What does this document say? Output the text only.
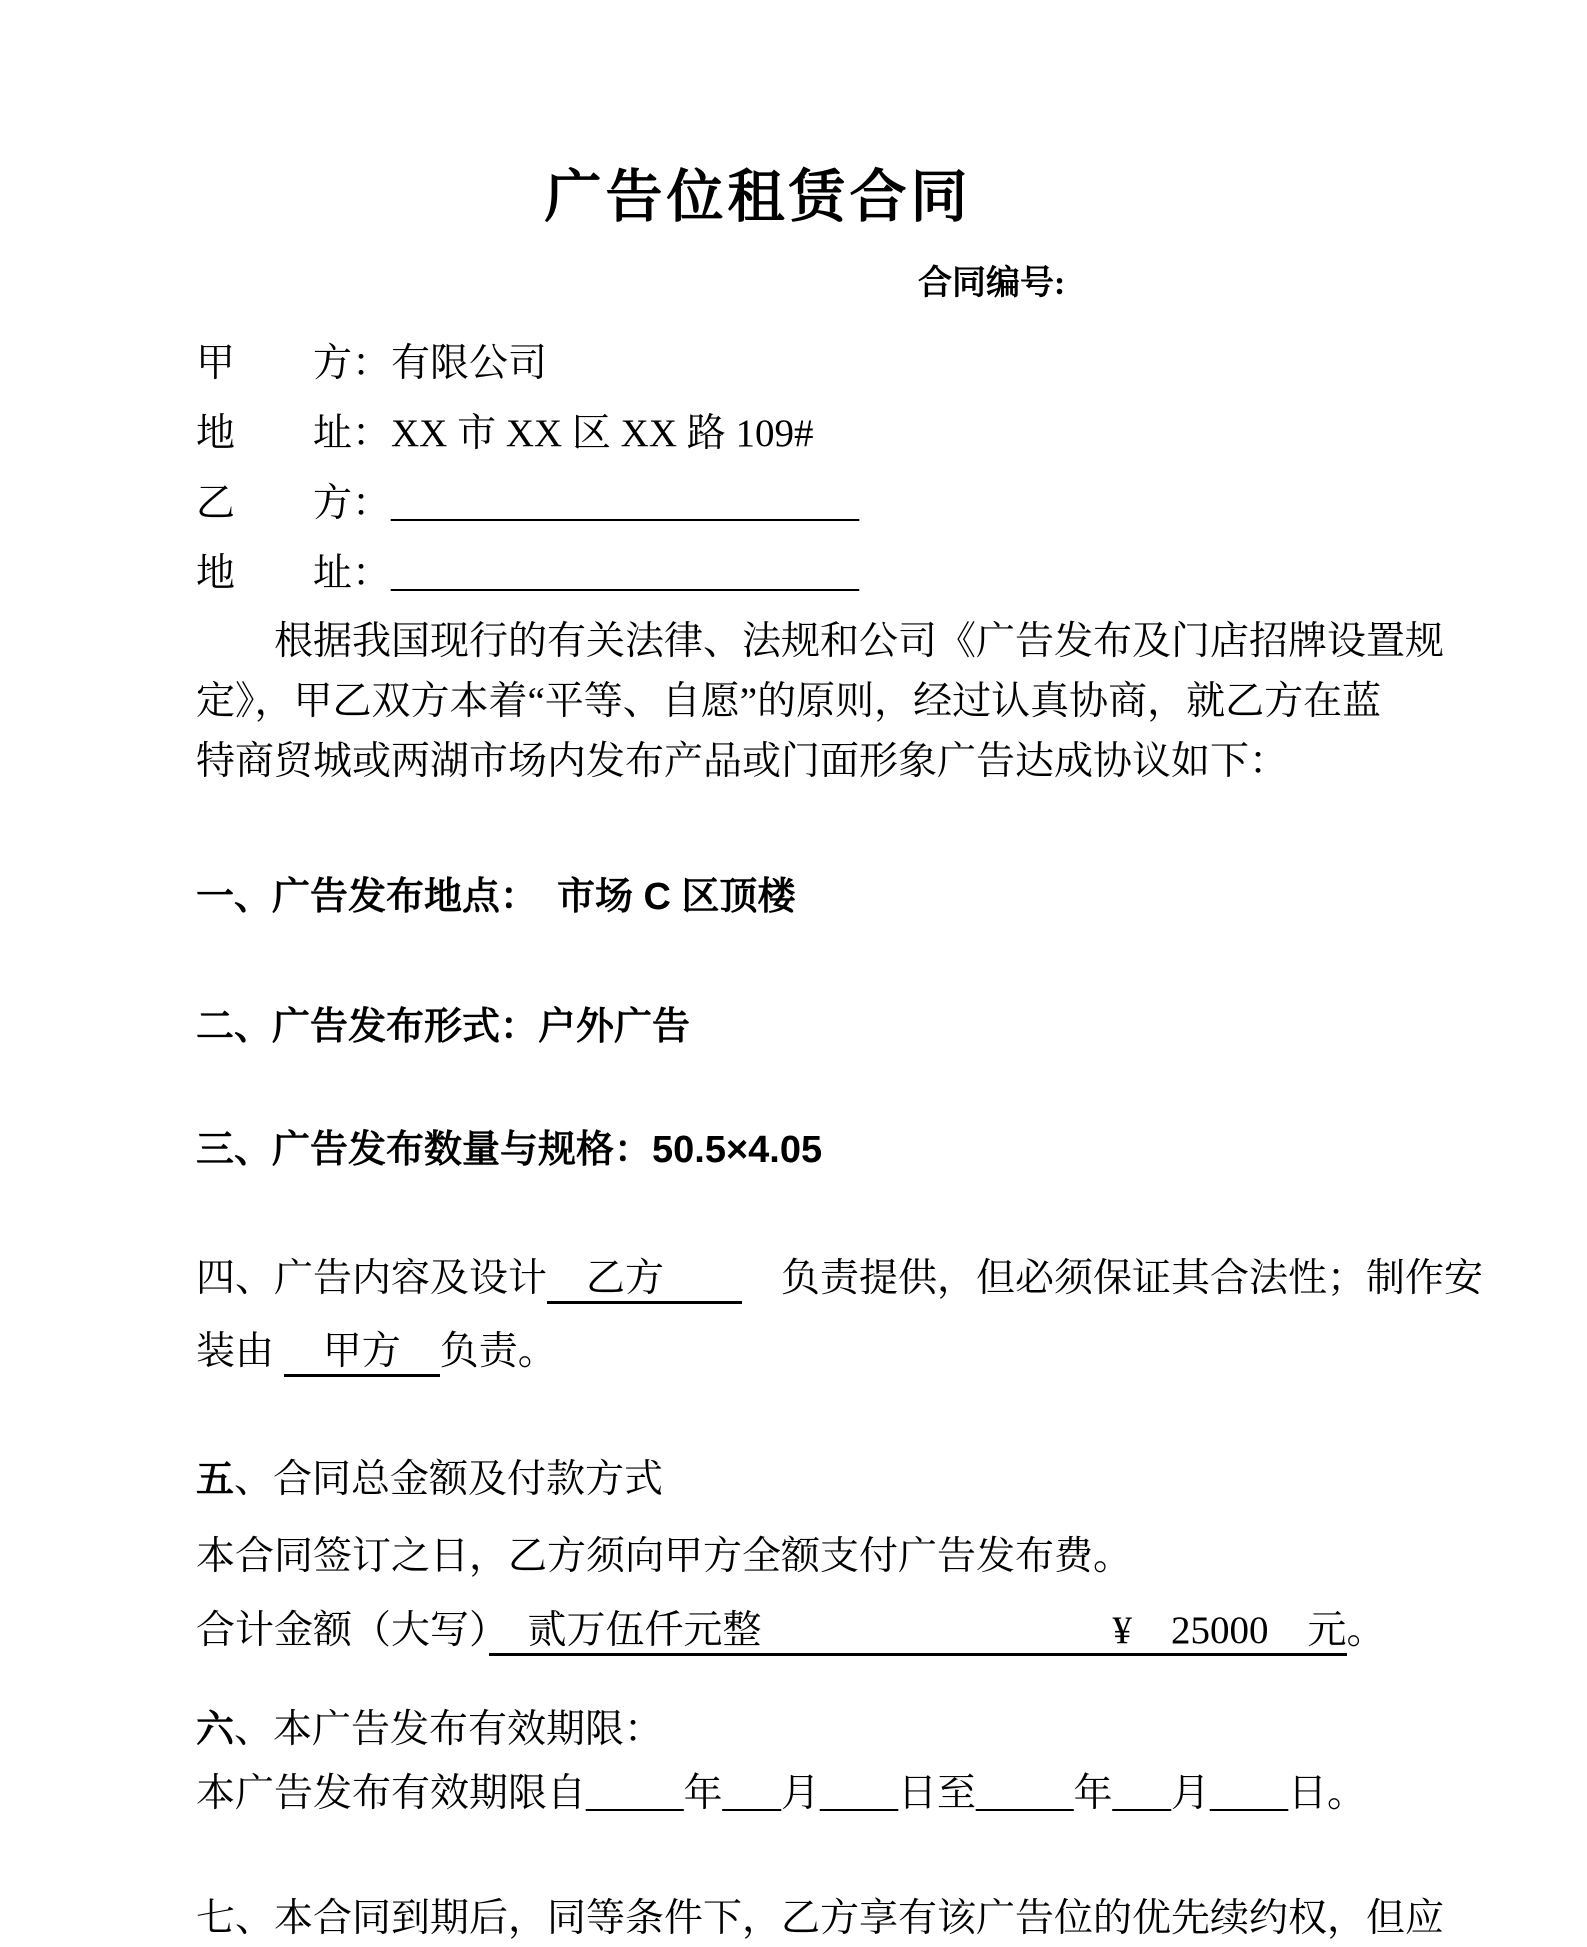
广告位租赁合同
合同编号:
甲　　方：有限公司
地　　址：XX 市 XX 区 XX 路 109#
乙　　方：________________________
地　　址：________________________
根据我国现行的有关法律、法规和公司《广告发布及门店招牌设置规
定》，甲乙双方本着“平等、自愿”的原则，经过认真协商，就乙方在蓝
特商贸城或两湖市场内发布产品或门面形象广告达成协议如下：
一、广告发布地点：　市场 C 区顶楼
二、广告发布形式：户外广告
三、广告发布数量与规格：50.5×4.05
四、广告内容及设计　乙方　　　负责提供，但必须保证其合法性；制作安
装由 　甲方　负责。
五、合同总金额及付款方式
本合同签订之日，乙方须向甲方全额支付广告发布费。
合计金额（大写）　贰万伍仟元整　　　　　　　　　¥　25000　元。
六、本广告发布有效期限：
本广告发布有效期限自_____年___月____日至_____年___月____日。
七、本合同到期后，同等条件下，乙方享有该广告位的优先续约权，但应
